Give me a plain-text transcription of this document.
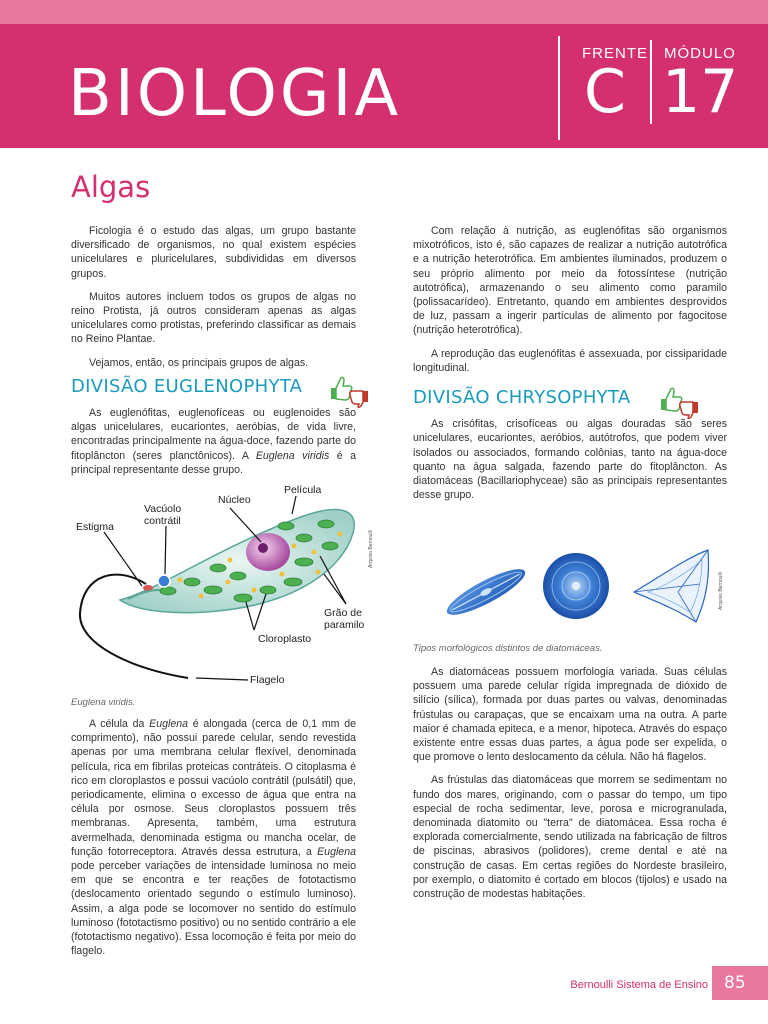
BIOLOGIA
FRENTE
C
MÓDULO
17
Algas

Ficologia é o estudo das algas, um grupo bastante diversificado de organismos, no qual existem espécies unicelulares e pluricelulares, subdivididas em diversos grupos.

Muitos autores incluem todos os grupos de algas no reino Protista, já outros consideram apenas as algas unicelulares como protistas, preferindo classificar as demais no Reino Plantae.

Vejamos, então, os principais grupos de algas.

DIVISÃO EUGLENOPHYTA

As euglenófitas, euglenofíceas ou euglenoides são algas unicelulares, eucariontes, aeróbias, de vida livre, encontradas principalmente na água-doce, fazendo parte do fitoplâncton (seres planctônicos). A Euglena viridis é a principal representante desse grupo.

Estigma
Vacúolo
contrátil
Núcleo
Película
Grão de
paramilo
Cloroplasto
Flagelo
Arquivo Bernoulli
Euglena viridis.

A célula da Euglena é alongada (cerca de 0,1 mm de comprimento), não possui parede celular, sendo revestida apenas por uma membrana celular flexível, denominada película, rica em fibrilas proteicas contráteis. O citoplasma é rico em cloroplastos e possui vacúolo contrátil (pulsátil) que, periodicamente, elimina o excesso de água que entra na célula por osmose. Seus cloroplastos possuem três membranas. Apresenta, também, uma estrutura avermelhada, denominada estigma ou mancha ocelar, de função fotorreceptora. Através dessa estrutura, a Euglena pode perceber variações de intensidade luminosa no meio em que se encontra e ter reações de fototactismo (deslocamento orientado segundo o estímulo luminoso). Assim, a alga pode se locomover no sentido do estímulo luminoso (fototactismo positivo) ou no sentido contrário a ele (fototactismo negativo). Essa locomoção é feita por meio do flagelo.

Com relação à nutrição, as euglenófitas são organismos mixotróficos, isto é, são capazes de realizar a nutrição autotrófica e a nutrição heterotrófica. Em ambientes iluminados, produzem o seu próprio alimento por meio da fotossíntese (nutrição autotrófica), armazenando o seu alimento como paramilo (polissacarídeo). Entretanto, quando em ambientes desprovidos de luz, passam a ingerir partículas de alimento por fagocitose (nutrição heterotrófica).

A reprodução das euglenófitas é assexuada, por cissiparidade longitudinal.

DIVISÃO CHRYSOPHYTA

As crisófitas, crisofíceas ou algas douradas são seres unicelulares, eucariontes, aeróbios, autótrofos, que podem viver isolados ou associados, formando colônias, tanto na água-doce quanto na água salgada, fazendo parte do fitoplâncton. As diatomáceas (Bacillariophyceae) são as principais representantes desse grupo.

Arquivo Bernoulli
Tipos morfológicos distintos de diatomáceas.

As diatomáceas possuem morfologia variada. Suas células possuem uma parede celular rígida impregnada de dióxido de silício (sílica), formada por duas partes ou valvas, denominadas frústulas ou carapaças, que se encaixam uma na outra. A parte maior é chamada epiteca, e a menor, hipoteca. Através do espaço existente entre essas duas partes, a água pode ser expelida, o que promove o lento deslocamento da célula. Não há flagelos.

As frústulas das diatomáceas que morrem se sedimentam no fundo dos mares, originando, com o passar do tempo, um tipo especial de rocha sedimentar, leve, porosa e microgranulada, denominada diatomito ou "terra" de diatomácea. Essa rocha é explorada comercialmente, sendo utilizada na fabricação de filtros de piscinas, abrasivos (polidores), creme dental e até na construção de casas. Em certas regiões do Nordeste brasileiro, por exemplo, o diatomito é cortado em blocos (tijolos) e usado na construção de modestas habitações.

Bernoulli Sistema de Ensino 85
